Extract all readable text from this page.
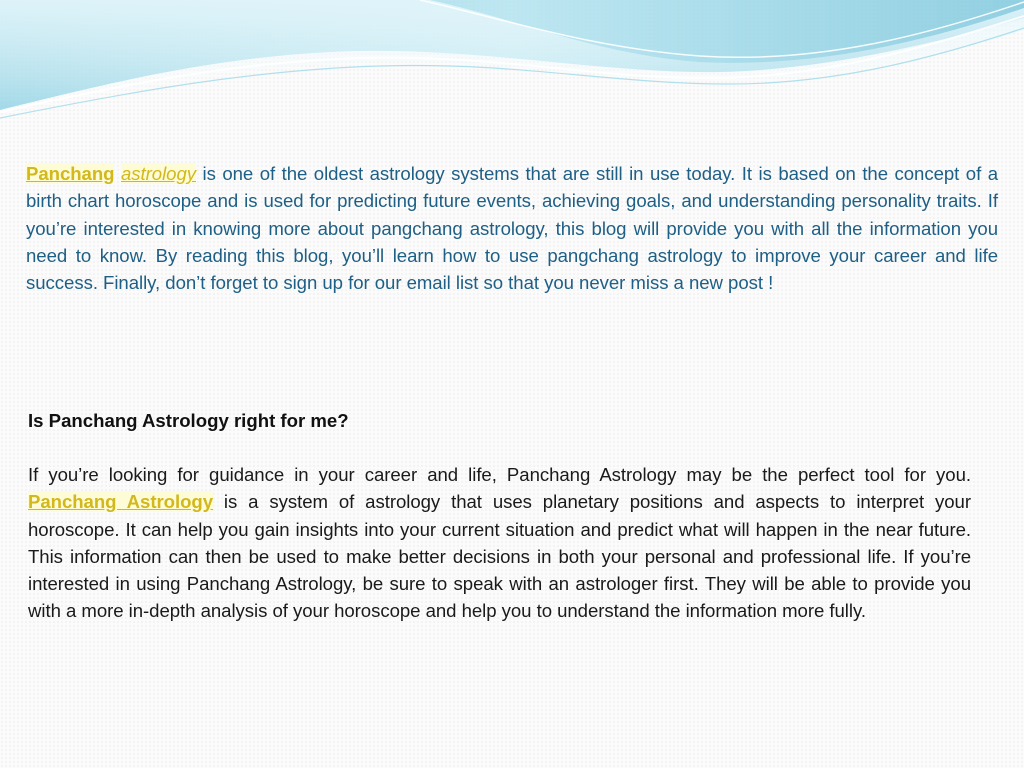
Panchang astrology is one of the oldest astrology systems that are still in use today. It is based on the concept of a birth chart horoscope and is used for predicting future events, achieving goals, and understanding personality traits. If you’re interested in knowing more about pangchang astrology, this blog will provide you with all the information you need to know. By reading this blog, you’ll learn how to use pangchang astrology to improve your career and life success. Finally, don’t forget to sign up for our email list so that you never miss a new post !

Is Panchang Astrology right for me?

If you’re looking for guidance in your career and life, Panchang Astrology may be the perfect tool for you. Panchang Astrology is a system of astrology that uses planetary positions and aspects to interpret your horoscope. It can help you gain insights into your current situation and predict what will happen in the near future. This information can then be used to make better decisions in both your personal and professional life. If you’re interested in using Panchang Astrology, be sure to speak with an astrologer first. They will be able to provide you with a more in-depth analysis of your horoscope and help you to understand the information more fully.
